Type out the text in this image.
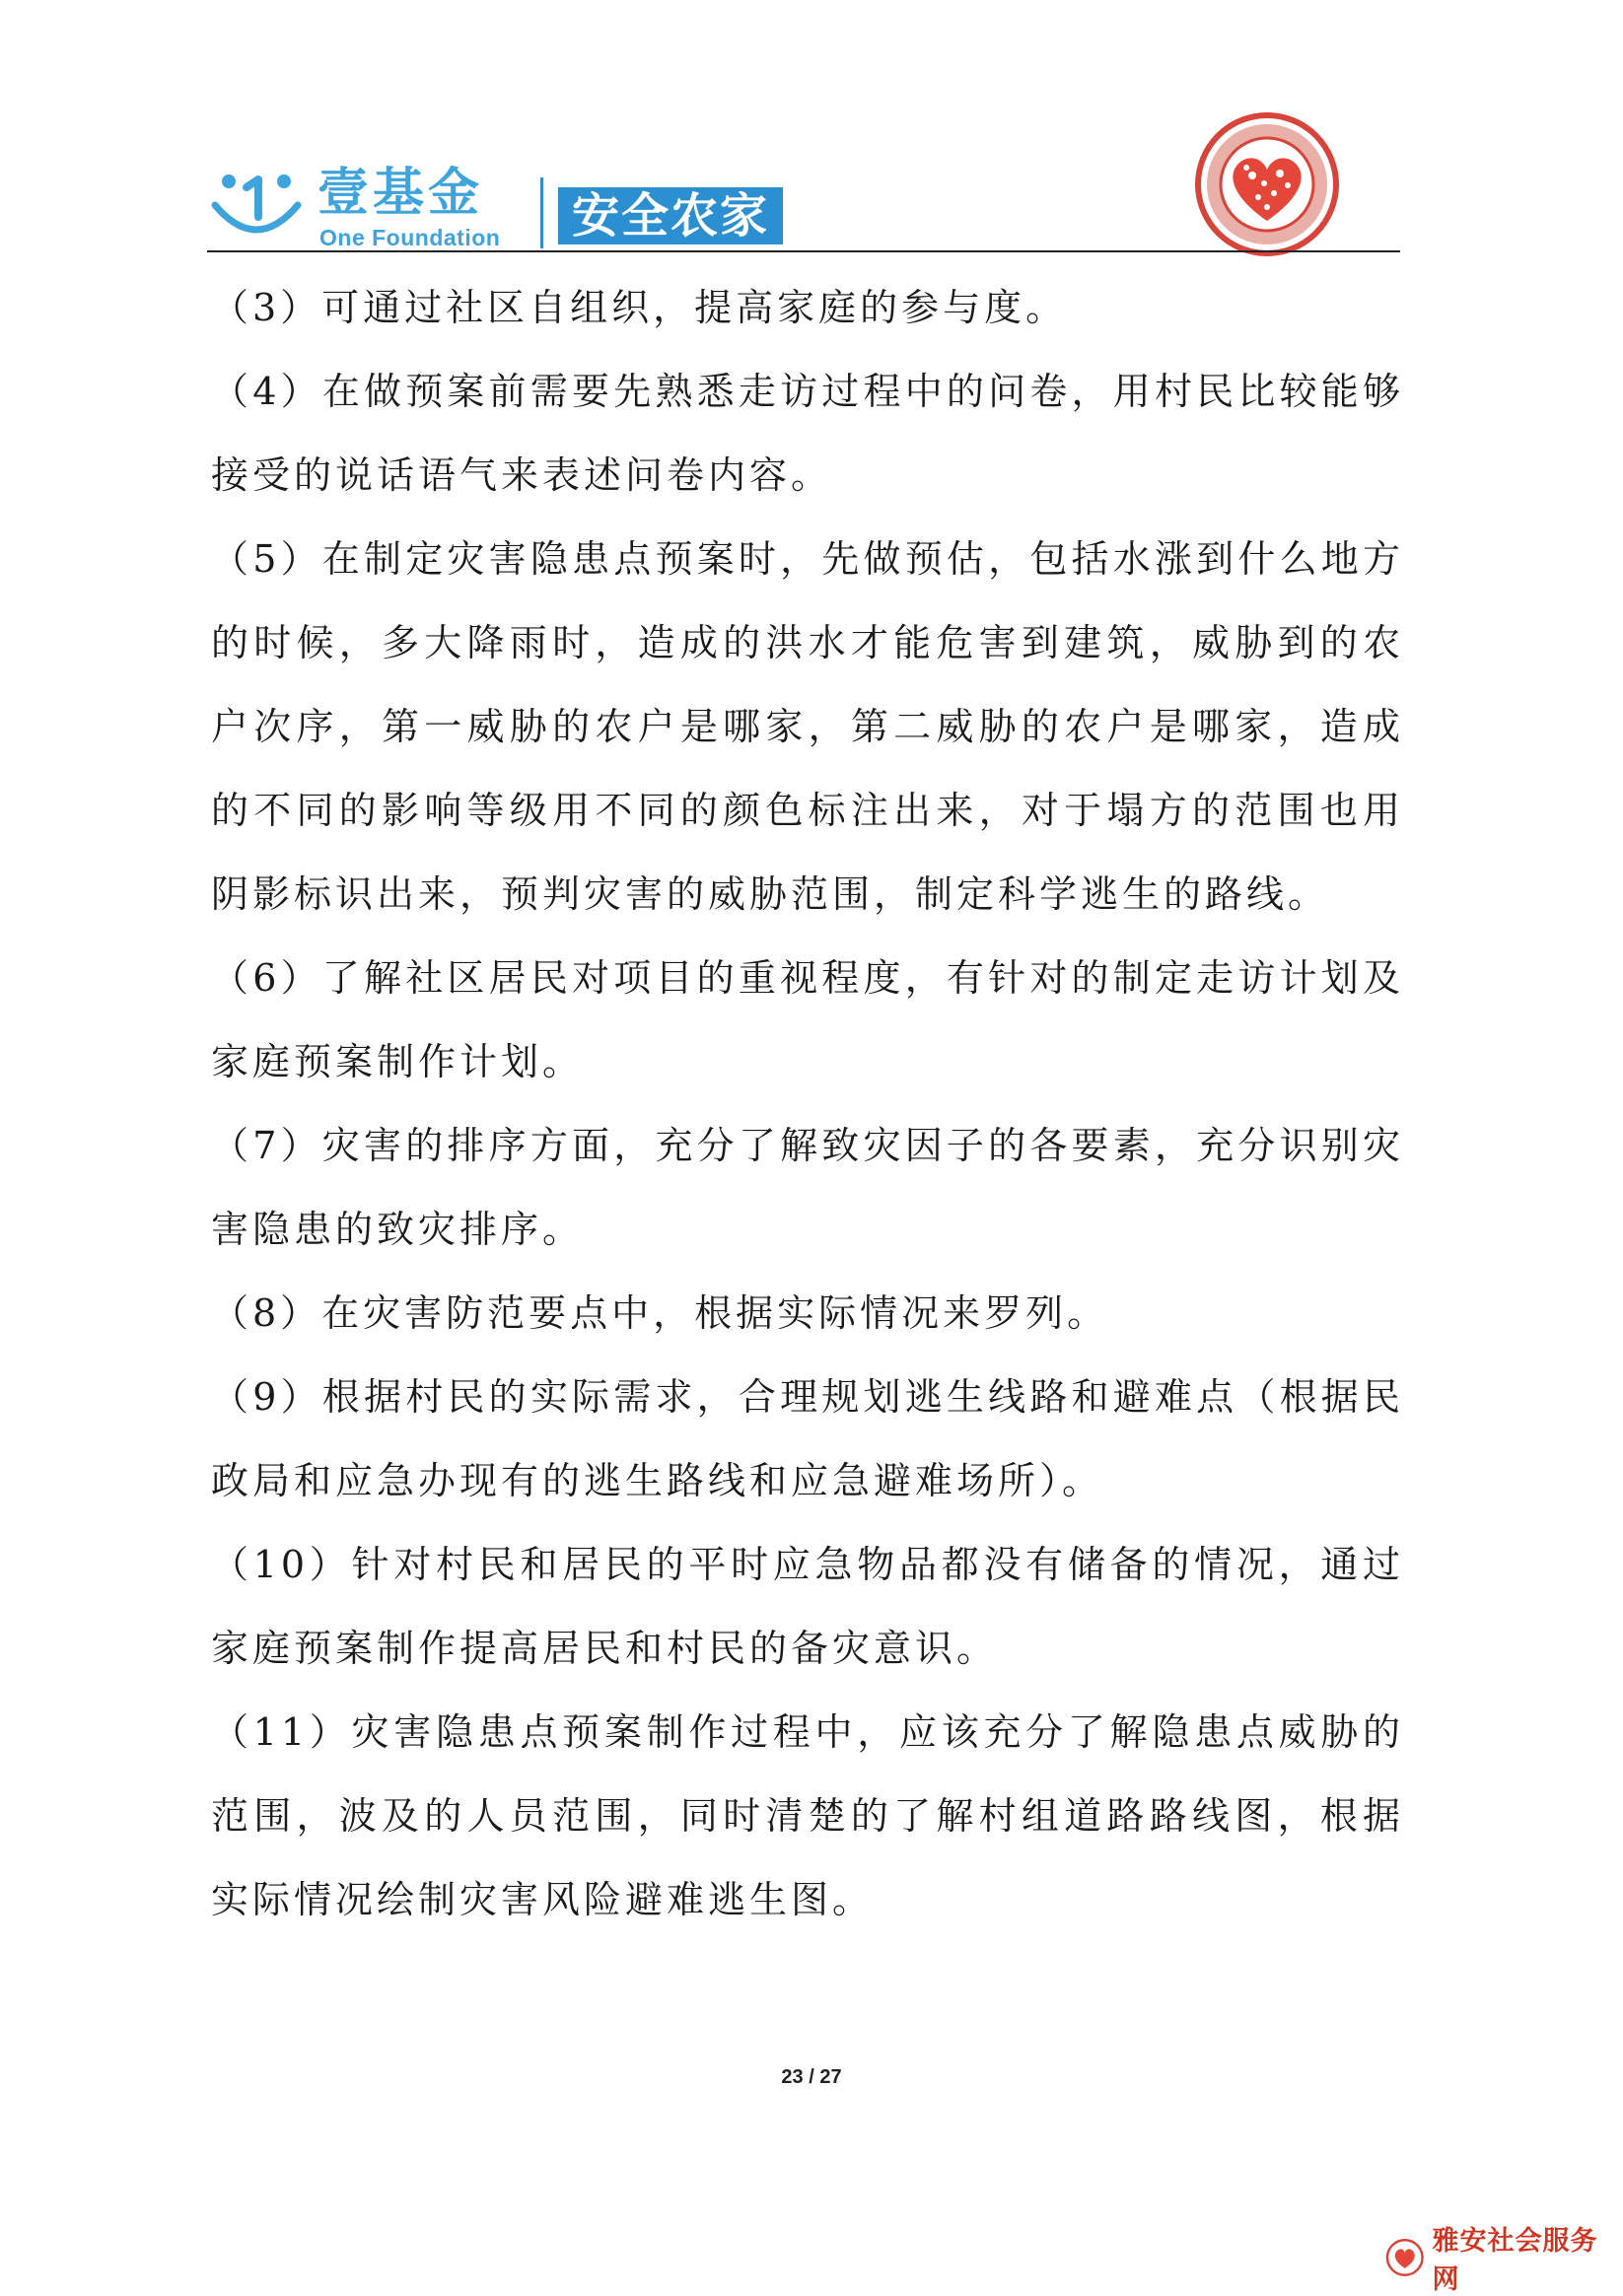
壹基金
One Foundation 安全农家

（3）可通过社区自组织，提高家庭的参与度。

（4）在做预案前需要先熟悉走访过程中的问卷，用村民比较能够接受的说话语气来表述问卷内容。

（5）在制定灾害隐患点预案时，先做预估，包括水涨到什么地方的时候，多大降雨时，造成的洪水才能危害到建筑，威胁到的农户次序，第一威胁的农户是哪家，第二威胁的农户是哪家，造成的不同的影响等级用不同的颜色标注出来，对于塌方的范围也用阴影标识出来，预判灾害的威胁范围，制定科学逃生的路线。

（6）了解社区居民对项目的重视程度，有针对的制定走访计划及家庭预案制作计划。

（7）灾害的排序方面，充分了解致灾因子的各要素，充分识别灾害隐患的致灾排序。

（8）在灾害防范要点中，根据实际情况来罗列。

（9）根据村民的实际需求，合理规划逃生线路和避难点（根据民政局和应急办现有的逃生路线和应急避难场所）。

（10）针对村民和居民的平时应急物品都没有储备的情况，通过家庭预案制作提高居民和村民的备灾意识。

（11）灾害隐患点预案制作过程中，应该充分了解隐患点威胁的范围，波及的人员范围，同时清楚的了解村组道路路线图，根据实际情况绘制灾害风险避难逃生图。

23 / 27
雅安社会服务网
